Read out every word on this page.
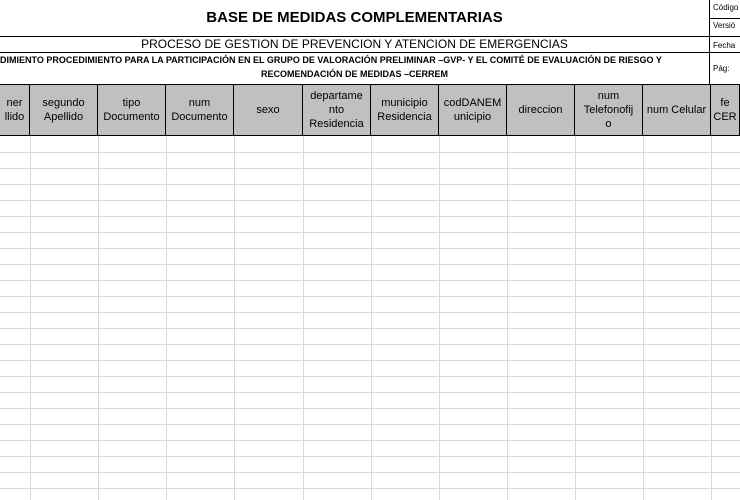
BASE DE MEDIDAS COMPLEMENTARIAS
PROCESO DE GESTION DE PREVENCION Y ATENCION DE EMERGENCIAS
DIMIENTO PROCEDIMIENTO PARA LA PARTICIPACIÓN EN EL GRUPO DE VALORACIÓN PRELIMINAR –GVP- Y EL COMITÉ DE EVALUACIÓN DE RIESGO Y
RECOMENDACIÓN DE MEDIDAS –CERREM
Código
Versió
Fecha
Pág:
ner
llido
segundo
Apellido
tipo
Documento
num
Documento
sexo
departame
nto
Residencia
municipio
Residencia
codDANEM
unicipio
direccion
num
Telefonofij
o
num Celular
fe
CER
